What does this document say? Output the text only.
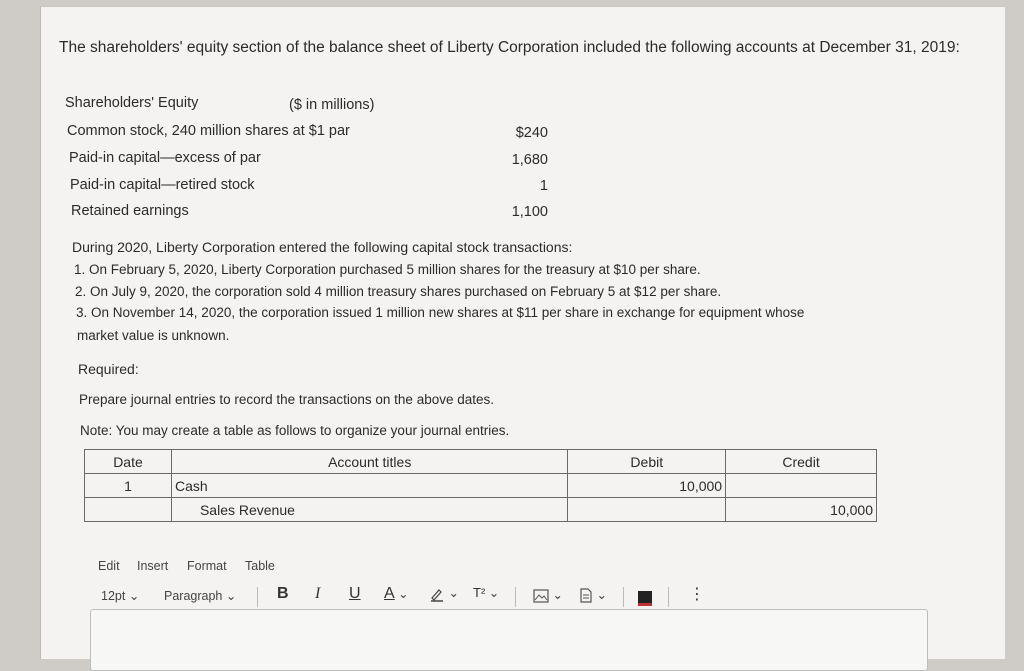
The shareholders' equity section of the balance sheet of Liberty Corporation included the following accounts at December 31, 2019:
Shareholders' Equity	($ in millions)
Common stock, 240 million shares at $1 par	$240
Paid-in capital—excess of par	1,680
Paid-in capital—retired stock	1
Retained earnings	1,100
During 2020, Liberty Corporation entered the following capital stock transactions:
1. On February 5, 2020, Liberty Corporation purchased 5 million shares for the treasury at $10 per share.
2. On July 9, 2020, the corporation sold 4 million treasury shares purchased on February 5 at $12 per share.
3. On November 14, 2020, the corporation issued 1 million new shares at $11 per share in exchange for equipment whose
market value is unknown.
Required:
Prepare journal entries to record the transactions on the above dates.
Note: You may create a table as follows to organize your journal entries.
Date	Account titles	Debit	Credit
1	Cash	10,000	
	Sales Revenue		10,000
Edit Insert Format Table
12pt ⌄ Paragraph ⌄	B I U A ⌄	⌄ T² ⌄	⌄	⌄	⋮
